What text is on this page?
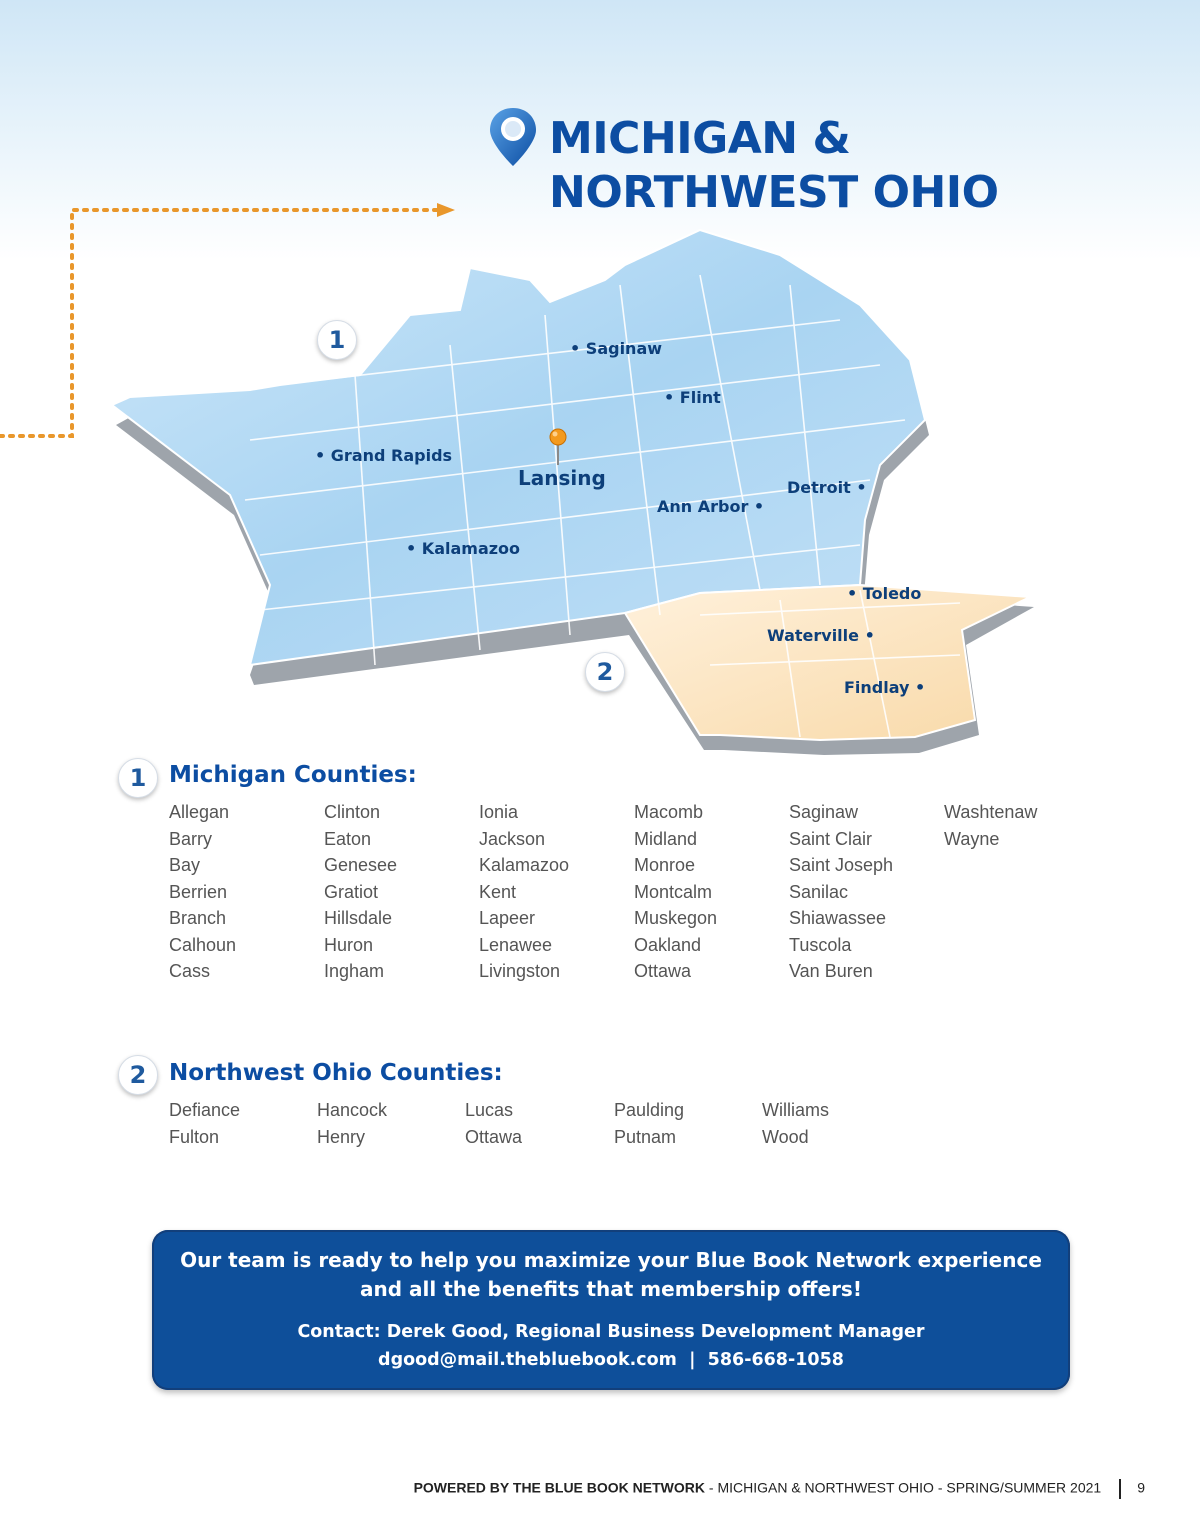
MICHIGAN &
NORTHWEST OHIO
• Saginaw
• Flint
• Grand Rapids
Lansing	Detroit •
Ann Arbor •
• Kalamazoo
• Toledo
Waterville •
Findlay •
1
2
1 Michigan Counties:
Allegan
Barry
Bay
Berrien
Branch
Calhoun
Cass
Clinton
Eaton
Genesee
Gratiot
Hillsdale
Huron
Ingham
Ionia
Jackson
Kalamazoo
Kent
Lapeer
Lenawee
Livingston
Macomb
Midland
Monroe
Montcalm
Muskegon
Oakland
Ottawa
Saginaw
Saint Clair
Saint Joseph
Sanilac
Shiawassee
Tuscola
Van Buren
Washtenaw
Wayne
2 Northwest Ohio Counties:
Defiance
Fulton
Hancock
Henry
Lucas
Ottawa
Paulding
Putnam
Williams
Wood
Our team is ready to help you maximize your Blue Book Network experience
and all the benefits that membership offers!
Contact: Derek Good, Regional Business Development Manager
dgood@mail.thebluebook.com  |  586-668-1058
POWERED BY THE BLUE BOOK NETWORK - MICHIGAN & NORTHWEST OHIO - SPRING/SUMMER 2021	9
